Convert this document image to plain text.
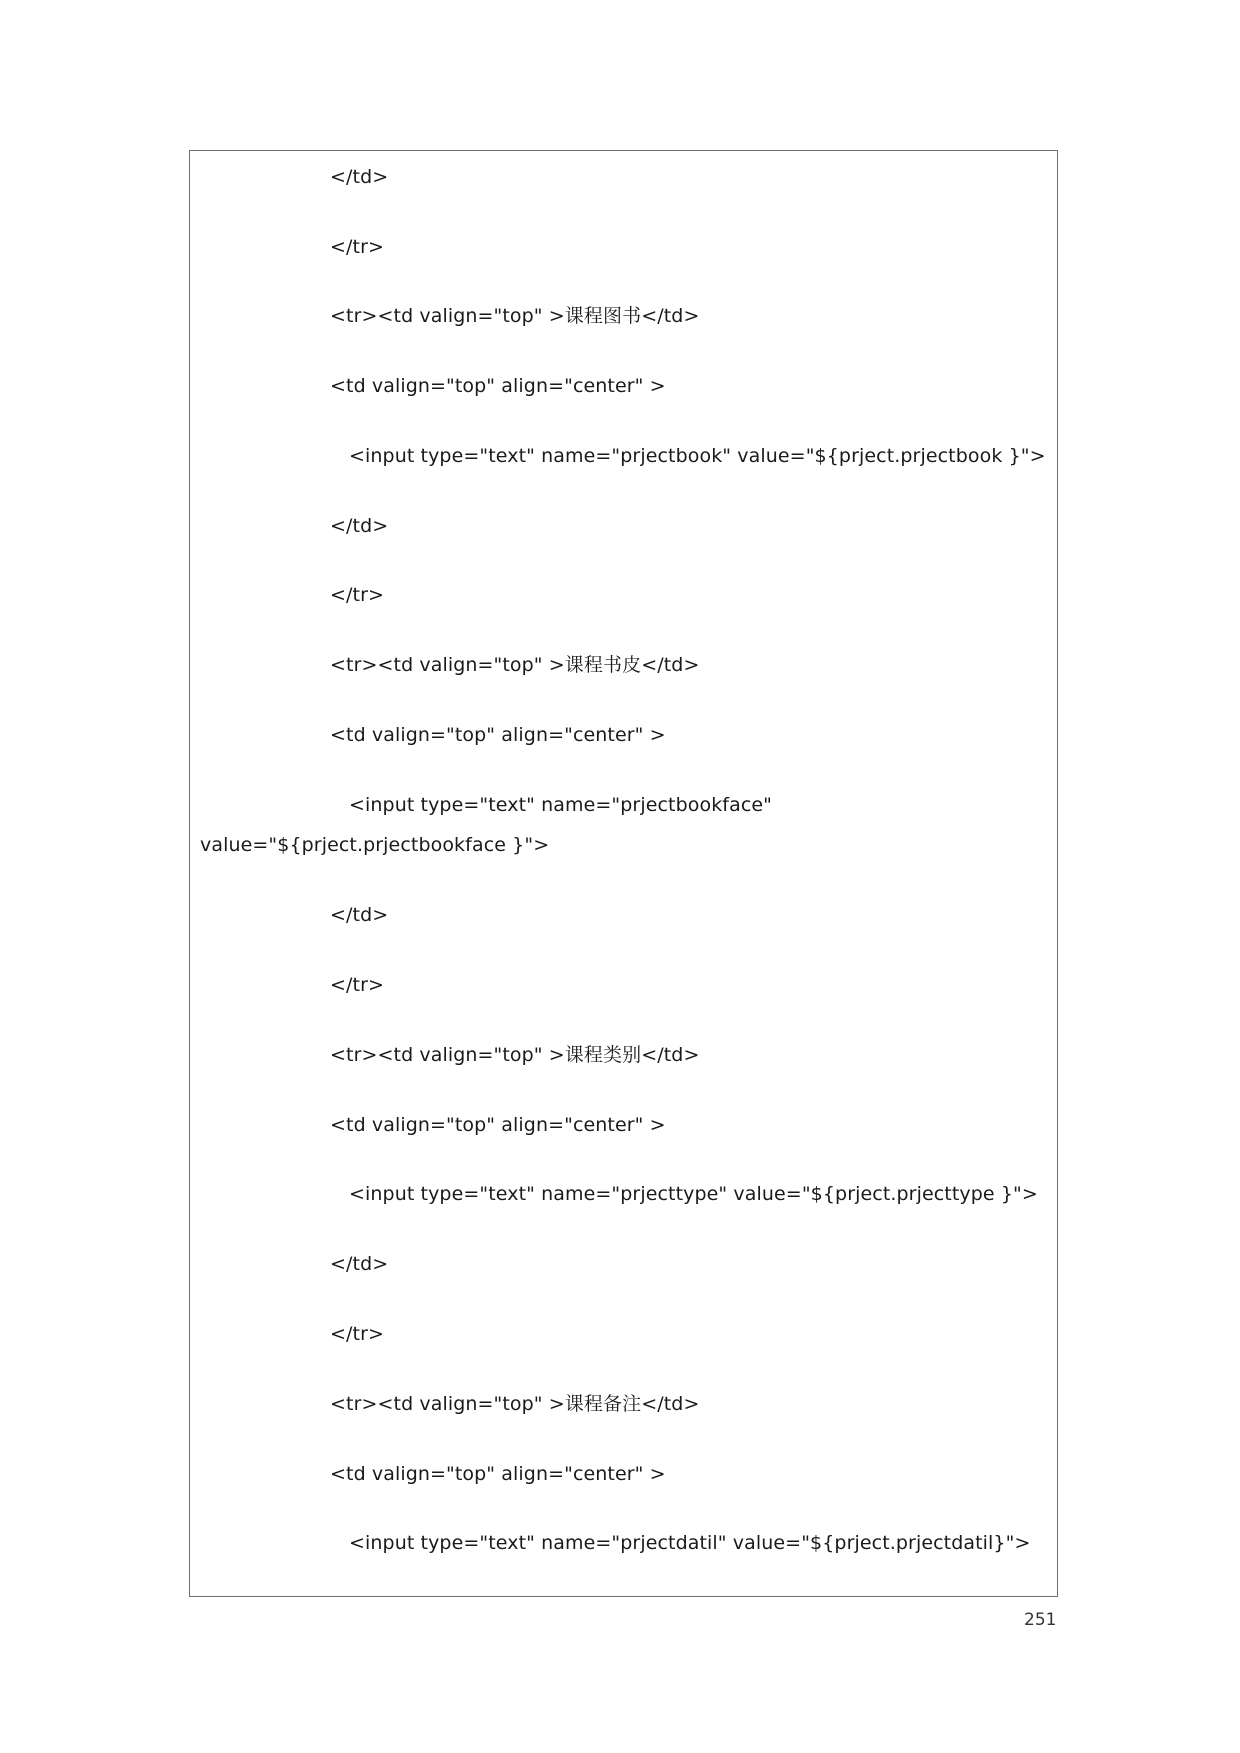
</td>
</tr>
<tr><td valign="top" >课程图书</td>
<td valign="top" align="center" >
<input type="text" name="prjectbook" value="${prject.prjectbook }">
</td>
</tr>
<tr><td valign="top" >课程书皮</td>
<td valign="top" align="center" >
<input type="text" name="prjectbookface"
value="${prject.prjectbookface }">
</td>
</tr>
<tr><td valign="top" >课程类别</td>
<td valign="top" align="center" >
<input type="text" name="prjecttype" value="${prject.prjecttype }">
</td>
</tr>
<tr><td valign="top" >课程备注</td>
<td valign="top" align="center" >
<input type="text" name="prjectdatil" value="${prject.prjectdatil}">
251
